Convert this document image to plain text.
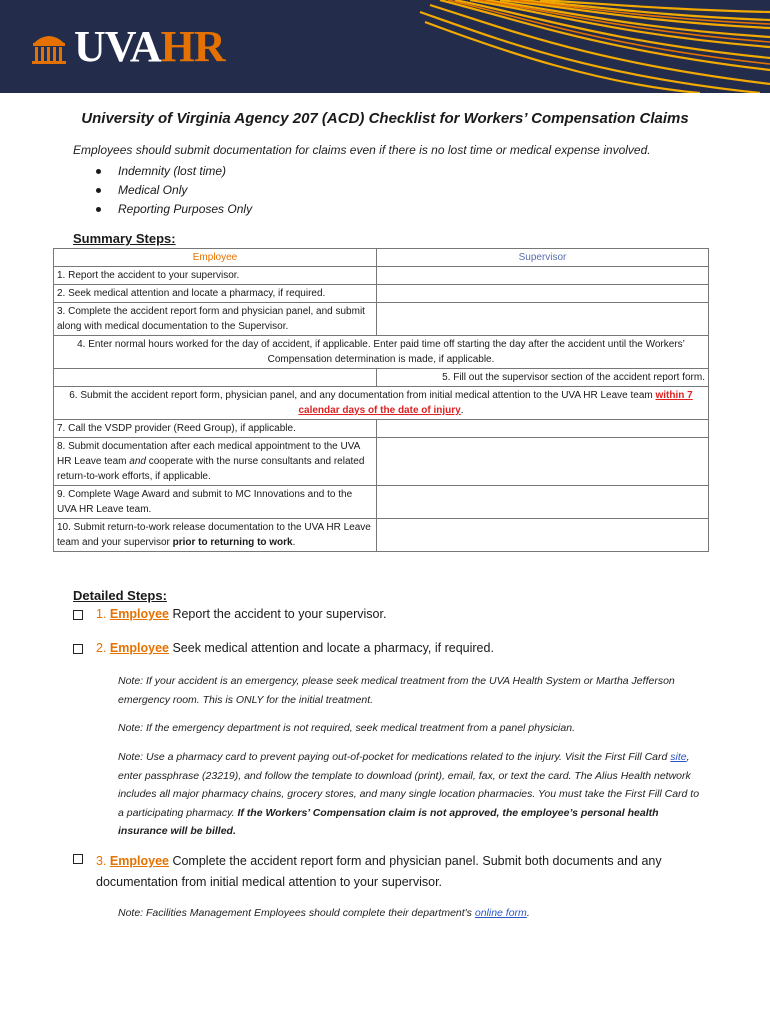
UVAHR
University of Virginia Agency 207 (ACD) Checklist for Workers’ Compensation Claims
Employees should submit documentation for claims even if there is no lost time or medical expense involved.
Indemnity (lost time)
Medical Only
Reporting Purposes Only
Summary Steps:
Employee	Supervisor
1. Report the accident to your supervisor.	
2. Seek medical attention and locate a pharmacy, if required.	
3. Complete the accident report form and physician panel, and submit along with medical documentation to the Supervisor.	
4. Enter normal hours worked for the day of accident, if applicable. Enter paid time off starting the day after the accident until the Workers’ Compensation determination is made, if applicable.	
	5. Fill out the supervisor section of the accident report form.
6. Submit the accident report form, physician panel, and any documentation from initial medical attention to the UVA HR Leave team within 7 calendar days of the date of injury.	
7. Call the VSDP provider (Reed Group), if applicable.	
8. Submit documentation after each medical appointment to the UVA HR Leave team and cooperate with the nurse consultants and related return-to-work efforts, if applicable.	
9. Complete Wage Award and submit to MC Innovations and to the UVA HR Leave team.	
10. Submit return-to-work release documentation to the UVA HR Leave team and your supervisor prior to returning to work.	
Detailed Steps:
1. Employee Report the accident to your supervisor.
2. Employee Seek medical attention and locate a pharmacy, if required.
Note: If your accident is an emergency, please seek medical treatment from the UVA Health System or Martha Jefferson emergency room. This is ONLY for the initial treatment.
Note: If the emergency department is not required, seek medical treatment from a panel physician.
Note: Use a pharmacy card to prevent paying out-of-pocket for medications related to the injury. Visit the First Fill Card site, enter passphrase (23219), and follow the template to download (print), email, fax, or text the card. The Alius Health network includes all major pharmacy chains, grocery stores, and many single location pharmacies. You must take the First Fill Card to a participating pharmacy. If the Workers’ Compensation claim is not approved, the employee’s personal health insurance will be billed.
3. Employee Complete the accident report form and physician panel. Submit both documents and any documentation from initial medical attention to your supervisor.
Note: Facilities Management Employees should complete their department's online form.
